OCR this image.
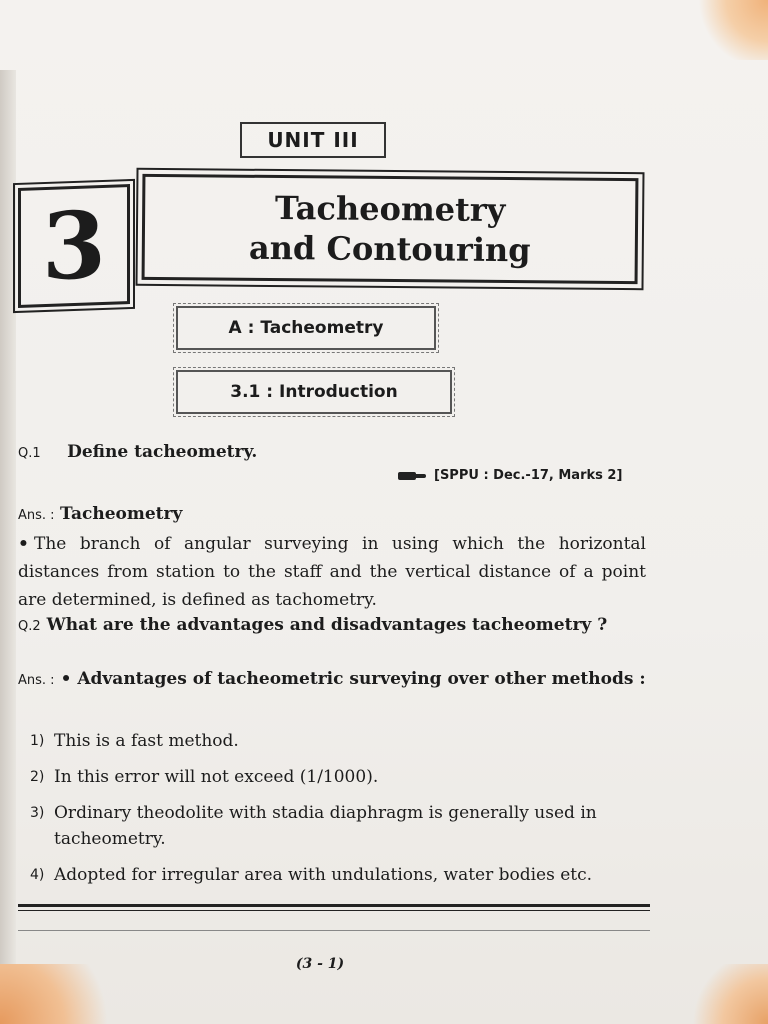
UNIT III
3	Tacheometry
and Contouring
A : Tacheometry
3.1 : Introduction
Q.1 Define tacheometry.
[SPPU : Dec.-17, Marks 2]
Ans. : Tacheometry
• The branch of angular surveying in using which the horizontal distances from station to the staff and the vertical distance of a point are determined, is defined as tachometry.
Q.2 What are the advantages and disadvantages tacheometry ?
Ans. : • Advantages of tacheometric surveying over other methods :
1) This is a fast method.
2) In this error will not exceed (1/1000).
3) Ordinary theodolite with stadia diaphragm is generally used in tacheometry.
4) Adopted for irregular area with undulations, water bodies etc.
(3 - 1)
